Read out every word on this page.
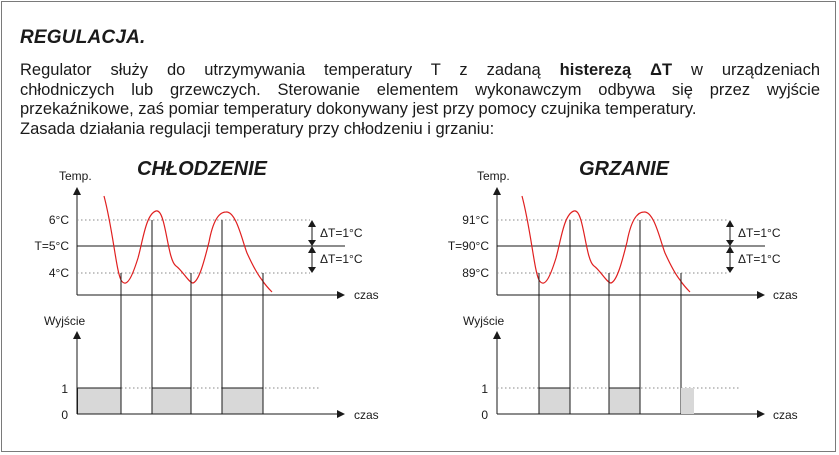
REGULACJA.
Regulator służy do utrzymywania temperatury T z zadaną histerezą ΔT w urządzeniach
chłodniczych lub grzewczych. Sterowanie elementem wykonawczym odbywa się przez wyjście
przekaźnikowe, zaś pomiar temperatury dokonywany jest przy pomocy czujnika temperatury.
Zasada działania regulacji temperatury przy chłodzeniu i grzaniu:
CHŁODZENIE
Temp.
czas
6°C
T=5°C
4°C
ΔT=1°C
ΔT=1°C
Wyjście
1
0	czas
GRZANIE
Temp.
czas
91°C
T=90°C
89°C
ΔT=1°C
ΔT=1°C
Wyjście
1
0	czas
